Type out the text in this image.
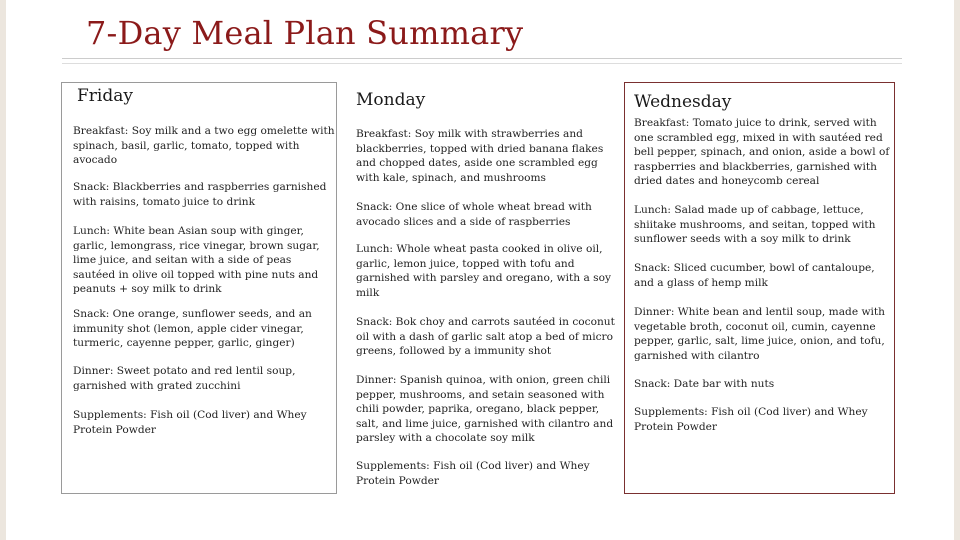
7-Day Meal Plan Summary
Friday

Breakfast: Soy milk and a two egg omelette with spinach, basil, garlic, tomato, topped with avocado

Snack: Blackberries and raspberries garnished with raisins, tomato juice to drink

Lunch: White bean Asian soup with ginger, garlic, lemongrass, rice vinegar, brown sugar, lime juice, and seitan with a side of peas sautéed in olive oil topped with pine nuts and peanuts + soy milk to drink

Snack: One orange, sunflower seeds, and an immunity shot (lemon, apple cider vinegar, turmeric, cayenne pepper, garlic, ginger)

Dinner: Sweet potato and red lentil soup, garnished with grated zucchini

Supplements: Fish oil (Cod liver) and Whey Protein Powder

Monday

Breakfast: Soy milk with strawberries and blackberries, topped with dried banana flakes and chopped dates, aside one scrambled egg with kale, spinach, and mushrooms

Snack: One slice of whole wheat bread with avocado slices and a side of raspberries

Lunch: Whole wheat pasta cooked in olive oil, garlic, lemon juice, topped with tofu and garnished with parsley and oregano, with a soy milk

Snack: Bok choy and carrots sautéed in coconut oil with a dash of garlic salt atop a bed of micro greens, followed by a immunity shot

Dinner: Spanish quinoa, with onion, green chili pepper, mushrooms, and setain seasoned with chili powder, paprika, oregano, black pepper, salt, and lime juice, garnished with cilantro and parsley with a chocolate soy milk

Supplements: Fish oil (Cod liver) and Whey Protein Powder

Wednesday

Breakfast: Tomato juice to drink, served with one scrambled egg, mixed in with sautéed red bell pepper, spinach, and onion, aside a bowl of raspberries and blackberries, garnished with dried dates and honeycomb cereal

Lunch: Salad made up of cabbage, lettuce, shiitake mushrooms, and seitan, topped with sunflower seeds with a soy milk to drink

Snack: Sliced cucumber, bowl of cantaloupe, and a glass of hemp milk

Dinner: White bean and lentil soup, made with vegetable broth, coconut oil, cumin, cayenne pepper, garlic, salt, lime juice, onion, and tofu, garnished with cilantro

Snack: Date bar with nuts

Supplements: Fish oil (Cod liver) and Whey Protein Powder
